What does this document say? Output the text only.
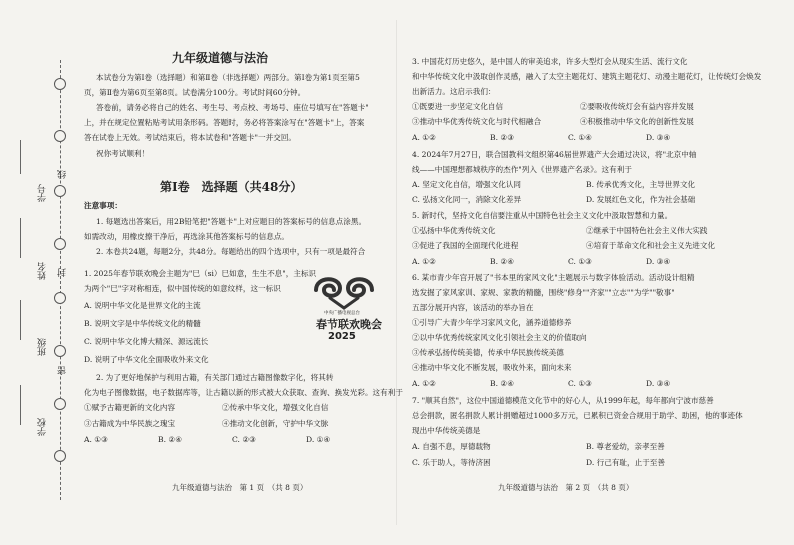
学号
线
姓名 封
班级
密
学校
九年级道德与法治
本试卷分为第Ⅰ卷（选择题）和第Ⅱ卷（非选择题）两部分。第Ⅰ卷为第1页至第5
页，第Ⅱ卷为第6页至第8页。试卷满分100分。考试时间60分钟。
答卷前，请务必将自己的姓名、考生号、考点校、考场号、座位号填写在"答题卡"
上，并在规定位置粘贴考试用条形码。答题时，务必将答案涂写在"答题卡"上，答案
答在试卷上无效。考试结束后，将本试卷和"答题卡"一并交回。
祝你考试顺利！
第Ⅰ卷　选择题（共48分）
注意事项：
1. 每题选出答案后，用2B铅笔把"答题卡"上对应题目的答案标号的信息点涂黑。
如需改动，用橡皮擦干净后，再选涂其他答案标号的信息点。
2. 本卷共24题，每题2分，共48分。每题给出的四个选项中，只有一项是最符合
1. 2025年春节联欢晚会主题为"巳（si）巳如意，生生不息"，主标识
为两个"巳"字对称相连，似中国传统的如意纹样，这一标识
A. 说明中华文化是世界文化的主流
B. 说明文字是中华传统文化的精髓
C. 说明中华文化博大精深、源远流长
D. 说明了中华文化全面吸收外来文化
2. 为了更好地保护与利用古籍，有关部门通过古籍图像数字化，将其转
化为电子图像数据，电子数据库等，让古籍以新的形式被大众获取、查询、换发光彩。这有利于
①赋予古籍更新的文化内容	②传承中华文化，增强文化自信
③古籍成为中华民族之瑰宝	④推动文化创新，守护中华文脉
A. ①③	B. ②④	C. ②③	D. ①④
九年级道德与法治　第 1 页　（共 8 页）
中央广播电视总台
春节联欢晚会
2025
3. 中国花灯历史悠久，是中国人的审美追求，许多大型灯会从现实生活、流行文化
和中华传统文化中汲取创作灵感，融入了太空主题花灯、建筑主题花灯、动漫主题花灯，让传统灯会焕发
出新活力。这启示我们：
①既要进一步坚定文化自信	②要吸收传统灯会有益内容并发展
③推动中华优秀传统文化与时代相融合	④积极推动中华文化的创新性发展
A. ①②	B. ②③	C. ①④	D. ③④
4. 2024年7月27日，联合国教科文组织第46届世界遗产大会通过决议，将"北京中轴
线——中国理想都城秩序的杰作"列入《世界遗产名录》。这有利于
A. 坚定文化自信，增强文化认同	B. 传承优秀文化，主导世界文化
C. 弘扬文化同一，消除文化差异	D. 发展红色文化，作为社会基础
5. 新时代，坚持文化自信要注重从中国特色社会主义文化中汲取智慧和力量。
①弘扬中华优秀传统文化	②继承于中国特色社会主义伟大实践
③促进了我国的全面现代化进程	④培育于革命文化和社会主义先进文化
A. ①②	B. ②④	C. ①③	D. ③④
6. 某市青少年宫开展了"书本里的家风文化"主题展示与数字体验活动。活动设计组精
选发掘了家风家训、家规、家教的精髓，围绕"修身""齐家""立志""为学""敬事"
五部分展开内容，该活动的举办旨在
①引导广大青少年学习家风文化，涵养道德修养
②以中华优秀传统家风文化引领社会主义的价值取向
③传承弘扬传统美德，传承中华民族传统美德
④推动中华文化不断发展，吸收外来，面向未来
A. ①②	B. ②④	C. ①③	D. ③④
7. "顺其自然"，这位中国道德模范文化节中的好心人，从1999年起，每年都向宁波市慈善
总会捐款，匿名捐款人累计捐赠超过1000多万元，已累积已资金合规用于助学、助困，他的事迹体
现出中华传统美德是
A. 自强不息，厚德载物	B. 尊老爱幼，亲孝至善
C. 乐于助人，等待济困	D. 行己有耻，止于至善
九年级道德与法治　第 2 页　（共 8 页）
